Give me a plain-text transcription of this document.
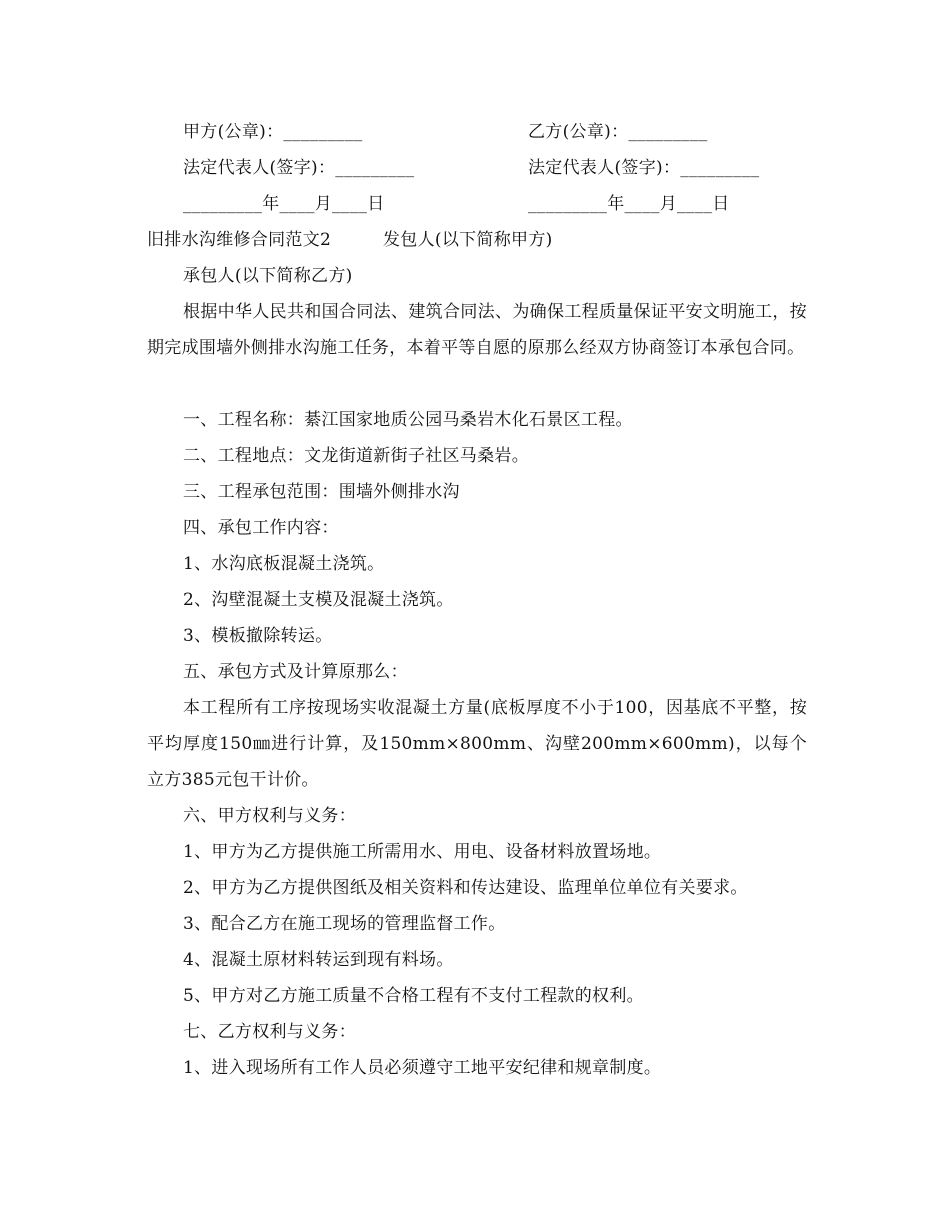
甲方(公章)：_________	乙方(公章)：_________
法定代表人(签字)：_________	法定代表人(签字)：_________
_________年____月____日	_________年____月____日
旧排水沟维修合同范文2	发包人(以下简称甲方)
承包人(以下简称乙方)
根据中华人民共和国合同法、建筑合同法、为确保工程质量保证平安文明施工，按期完成围墙外侧排水沟施工任务，本着平等自愿的原那么经双方协商签订本承包合同。
一、工程名称：綦江国家地质公园马桑岩木化石景区工程。
二、工程地点：文龙街道新街子社区马桑岩。
三、工程承包范围：围墙外侧排水沟
四、承包工作内容：
1、水沟底板混凝土浇筑。
2、沟壁混凝土支模及混凝土浇筑。
3、模板撤除转运。
五、承包方式及计算原那么：
本工程所有工序按现场实收混凝土方量(底板厚度不小于100，因基底不平整，按平均厚度150㎜进行计算，及150mm×800mm、沟壁200mm×600mm)，以每个立方385元包干计价。
六、甲方权利与义务：
1、甲方为乙方提供施工所需用水、用电、设备材料放置场地。
2、甲方为乙方提供图纸及相关资料和传达建设、监理单位单位有关要求。
3、配合乙方在施工现场的管理监督工作。
4、混凝土原材料转运到现有料场。
5、甲方对乙方施工质量不合格工程有不支付工程款的权利。
七、乙方权利与义务：
1、进入现场所有工作人员必须遵守工地平安纪律和规章制度。
